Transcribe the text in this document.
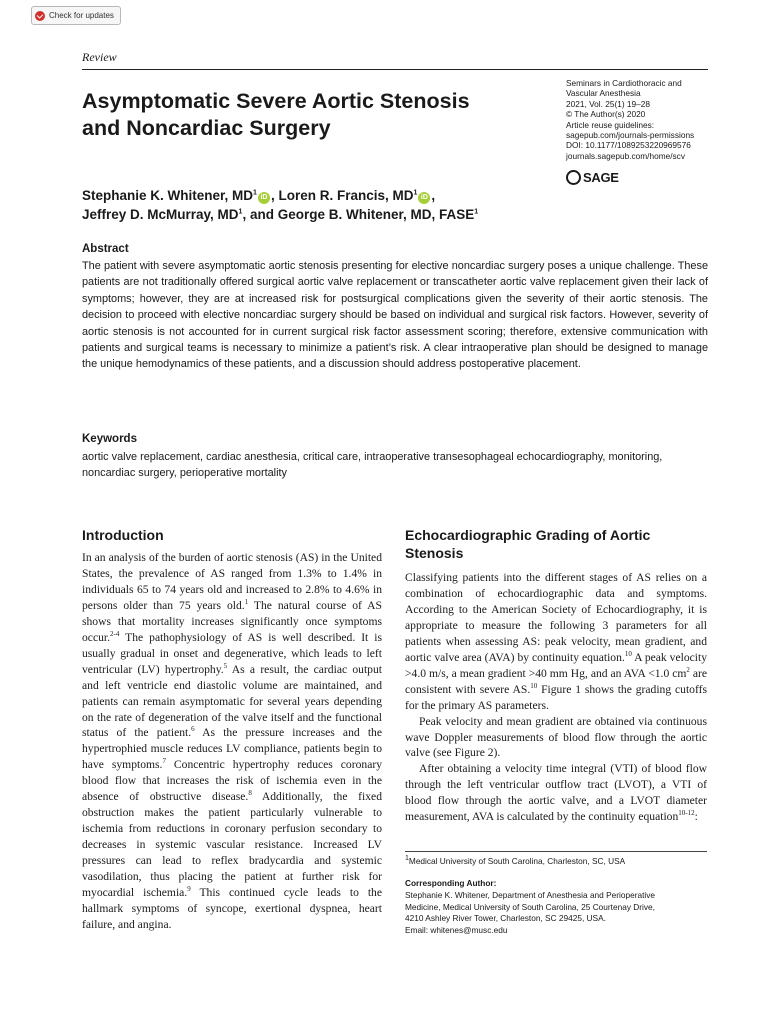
Check for updates
Review
Asymptomatic Severe Aortic Stenosis and Noncardiac Surgery
Seminars in Cardiothoracic and
Vascular Anesthesia
2021, Vol. 25(1) 19–28
© The Author(s) 2020
Article reuse guidelines:
sagepub.com/journals-permissions
DOI: 10.1177/1089253220969576
journals.sagepub.com/home/scv
SAGE
Stephanie K. Whitener, $MD^1iD$ , Loren R. Francis, $MD^1iD$ ,
Jeffrey D. McMurray, $MD^1$, and George B. Whitener, MD, FASE$^1$
Abstract
The patient with severe asymptomatic aortic stenosis presenting for elective noncardiac surgery poses a unique challenge. These patients are not traditionally offered surgical aortic valve replacement or transcatheter aortic valve replacement given their lack of symptoms; however, they are at increased risk for postsurgical complications given the severity of their aortic stenosis. The decision to proceed with elective noncardiac surgery should be based on individual and surgical risk factors. However, severity of aortic stenosis is not accounted for in current surgical risk factor assessment scoring; therefore, extensive communication with patients and surgical teams is necessary to minimize a patient’s risk. A clear intraoperative plan should be designed to manage the unique hemodynamics of these patients, and a discussion should address postoperative placement.
Keywords
aortic valve replacement, cardiac anesthesia, critical care, intraoperative transesophageal echocardiography, monitoring, noncardiac surgery, perioperative mortality
Introduction

In an analysis of the burden of aortic stenosis (AS) in the United States, the prevalence of AS ranged from 1.3% to 1.4% in individuals 65 to 74 years old and increased to 2.8% to 4.6% in persons older than 75 years old.$^1$ The natural course of AS shows that mortality increases significantly once symptoms occur.$^{2-4}$ The pathophysiology of AS is well described. It is usually gradual in onset and degenerative, which leads to left ventricular (LV) hypertrophy.$^5$ As a result, the cardiac output and left ventricle end diastolic volume are maintained, and patients can remain asymptomatic for several years depending on the rate of degeneration of the valve itself and the functional status of the patient.$^6$ As the pressure increases and the hypertrophied muscle reduces LV compliance, patients begin to have symptoms.$^7$ Concentric hypertrophy reduces coronary blood flow that increases the risk of ischemia even in the absence of obstructive disease.$^8$ Additionally, the fixed obstruction makes the patient particularly vulnerable to ischemia from reductions in coronary perfusion secondary to decreases in systemic vascular resistance. Increased LV pressures can lead to reflex bradycardia and systemic vasodilation, thus placing the patient at further risk for myocardial ischemia.$^9$ This continued cycle leads to the hallmark symptoms of syncope, exertional dyspnea, heart failure, and angina.

Echocardiographic Grading of Aortic Stenosis

Classifying patients into the different stages of AS relies on a combination of echocardiographic data and symptoms. According to the American Society of Echocardiography, it is appropriate to measure the following 3 parameters for all patients when assessing AS: peak velocity, mean gradient, and aortic valve area (AVA) by continuity equation.$^{10}$ A peak velocity >4.0 m/s, a mean gradient >40 mm Hg, and an AVA <1.0 $cm^2$ are consistent with severe AS.$^{10}$ Figure 1 shows the grading cutoffs for the primary AS parameters.

Peak velocity and mean gradient are obtained via continuous wave Doppler measurements of blood flow through the aortic valve (see Figure 2).

After obtaining a velocity time integral (VTI) of blood flow through the left ventricular outflow tract (LVOT), a VTI of blood flow through the aortic valve, and a LVOT diameter measurement, AVA is calculated by the continuity equation$^{10-12}$:

$^1$Medical University of South Carolina, Charleston, SC, USA
Corresponding Author:
Stephanie K. Whitener, Department of Anesthesia and Perioperative
Medicine, Medical University of South Carolina, 25 Courtenay Drive,
4210 Ashley River Tower, Charleston, SC 29425, USA.
Email: whitenes@musc.edu
